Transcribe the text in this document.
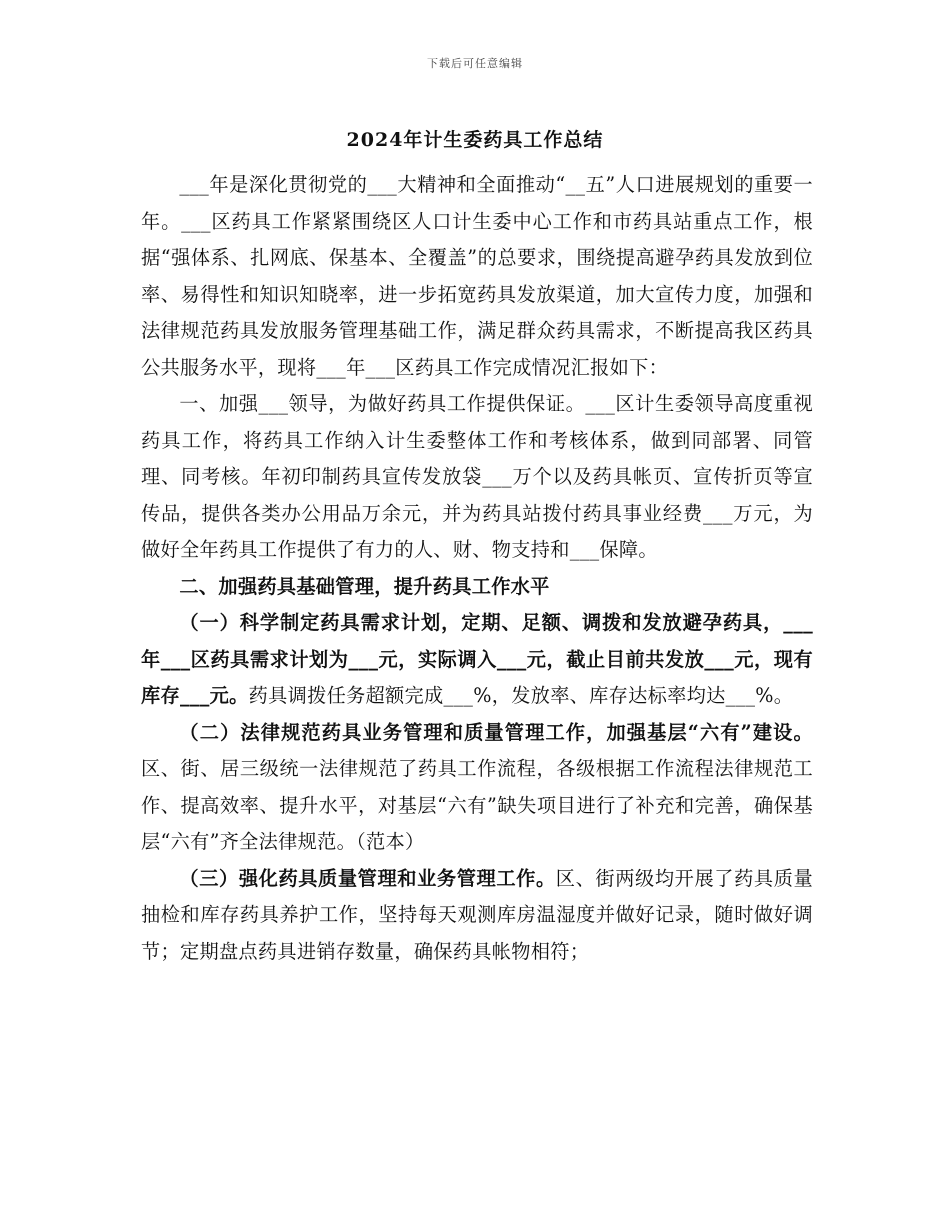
下载后可任意编辑
2024年计生委药具工作总结

___年是深化贯彻党的___大精神和全面推动“__五”人口进展规划的重要一年。___区药具工作紧紧围绕区人口计生委中心工作和市药具站重点工作，根据“强体系、扎网底、保基本、全覆盖”的总要求，围绕提高避孕药具发放到位率、易得性和知识知晓率，进一步拓宽药具发放渠道，加大宣传力度，加强和法律规范药具发放服务管理基础工作，满足群众药具需求，不断提高我区药具公共服务水平，现将___年___区药具工作完成情况汇报如下：

一、加强___领导，为做好药具工作提供保证。___区计生委领导高度重视药具工作，将药具工作纳入计生委整体工作和考核体系，做到同部署、同管理、同考核。年初印制药具宣传发放袋___万个以及药具帐页、宣传折页等宣传品，提供各类办公用品万余元，并为药具站拨付药具事业经费___万元，为做好全年药具工作提供了有力的人、财、物支持和___保障。

二、加强药具基础管理，提升药具工作水平

（一）科学制定药具需求计划，定期、足额、调拨和发放避孕药具，___年___区药具需求计划为___元，实际调入___元，截止目前共发放___元，现有库存___元。药具调拨任务超额完成___%，发放率、库存达标率均达___%。

（二）法律规范药具业务管理和质量管理工作，加强基层“六有”建设。区、街、居三级统一法律规范了药具工作流程，各级根据工作流程法律规范工作、提高效率、提升水平，对基层“六有”缺失项目进行了补充和完善，确保基层“六有”齐全法律规范。（范本）

（三）强化药具质量管理和业务管理工作。区、街两级均开展了药具质量抽检和库存药具养护工作，坚持每天观测库房温湿度并做好记录，随时做好调节；定期盘点药具进销存数量，确保药具帐物相符；
